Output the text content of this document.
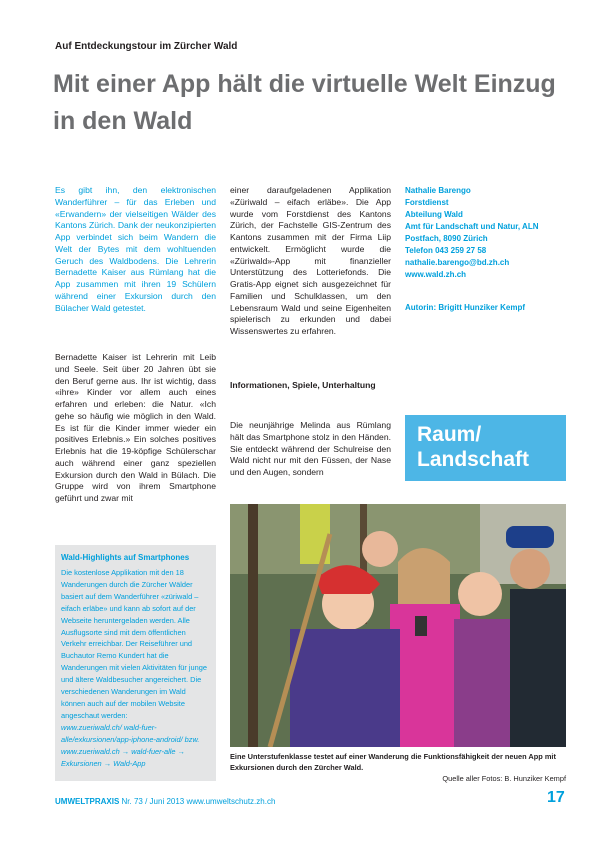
Auf Entdeckungstour im Zürcher Wald
Mit einer App hält die virtuelle Welt Einzug in den Wald
Es gibt ihn, den elektronischen Wanderführer – für das Erleben und «Erwandern» der vielseitigen Wälder des Kantons Zürich. Dank der neukonzipierten App verbindet sich beim Wandern die Welt der Bytes mit dem wohltuenden Geruch des Waldbodens. Die Lehrerin Bernadette Kaiser aus Rümlang hat die App zusammen mit ihren 19 Schülern während einer Exkursion durch den Bülacher Wald getestet.
Bernadette Kaiser ist Lehrerin mit Leib und Seele. Seit über 20 Jahren übt sie den Beruf gerne aus. Ihr ist wichtig, dass «ihre» Kinder vor allem auch eines erfahren und erleben: die Natur. «Ich gehe so häufig wie möglich in den Wald. Es ist für die Kinder immer wieder ein positives Erlebnis.» Ein solches positives Erlebnis hat die 19-köpfige Schülerschar auch während einer ganz speziellen Exkursion durch den Wald in Bülach. Die Gruppe wird von ihrem Smartphone geführt und zwar mit
einer daraufgeladenen Applikation «Züriwald – eifach erläbe». Die App wurde vom Forstdienst des Kantons Zürich, der Fachstelle GIS-Zentrum des Kantons zusammen mit der Firma Liip entwickelt. Ermöglicht wurde die «Züriwald»-App mit finanzieller Unterstützung des Lotteriefonds. Die Gratis-App eignet sich ausgezeichnet für Familien und Schulklassen, um den Lebensraum Wald und seine Eigenheiten spielerisch zu erkunden und dabei Wissenswertes zu erfahren.
Informationen, Spiele, Unterhaltung
Die neunjährige Melinda aus Rümlang hält das Smartphone stolz in den Händen. Sie entdeckt während der Schulreise den Wald nicht nur mit den Füssen, der Nase und den Augen, sondern
Nathalie Barengo
Forstdienst
Abteilung Wald
Amt für Landschaft und Natur, ALN
Postfach, 8090 Zürich
Telefon 043 259 27 58
nathalie.barengo@bd.zh.ch
www.wald.zh.ch
Autorin: Brigitt Hunziker Kempf
Raum/
Landschaft
Wald-Highlights auf Smartphones
Die kostenlose Applikation mit den 18 Wanderungen durch die Zürcher Wälder basiert auf dem Wanderführer «züriwald – eifach erläbe» und kann ab sofort auf der Webseite heruntergeladen werden. Alle Ausflugsorte sind mit dem öffentlichen Verkehr erreichbar. Der Reiseführer und Buchautor Remo Kundert hat die Wanderungen mit vielen Aktivitäten für junge und ältere Waldbesucher angereichert. Die verschiedenen Wanderungen im Wald können auch auf der mobilen Website angeschaut werden:
www.zueriwald.ch/ wald-fuer-alle/exkursionen/app-iphone-android/ bzw.
www.zueriwald.ch → wald-fuer-alle → Exkursionen → Wald-App
Eine Unterstufenklasse testet auf einer Wanderung die Funktionsfähigkeit der neuen App mit Exkursionen durch den Zürcher Wald.
Quelle aller Fotos: B. Hunziker Kempf
UMWELTPRAXIS Nr. 73 / Juni 2013 www.umweltschutz.zh.ch	17
